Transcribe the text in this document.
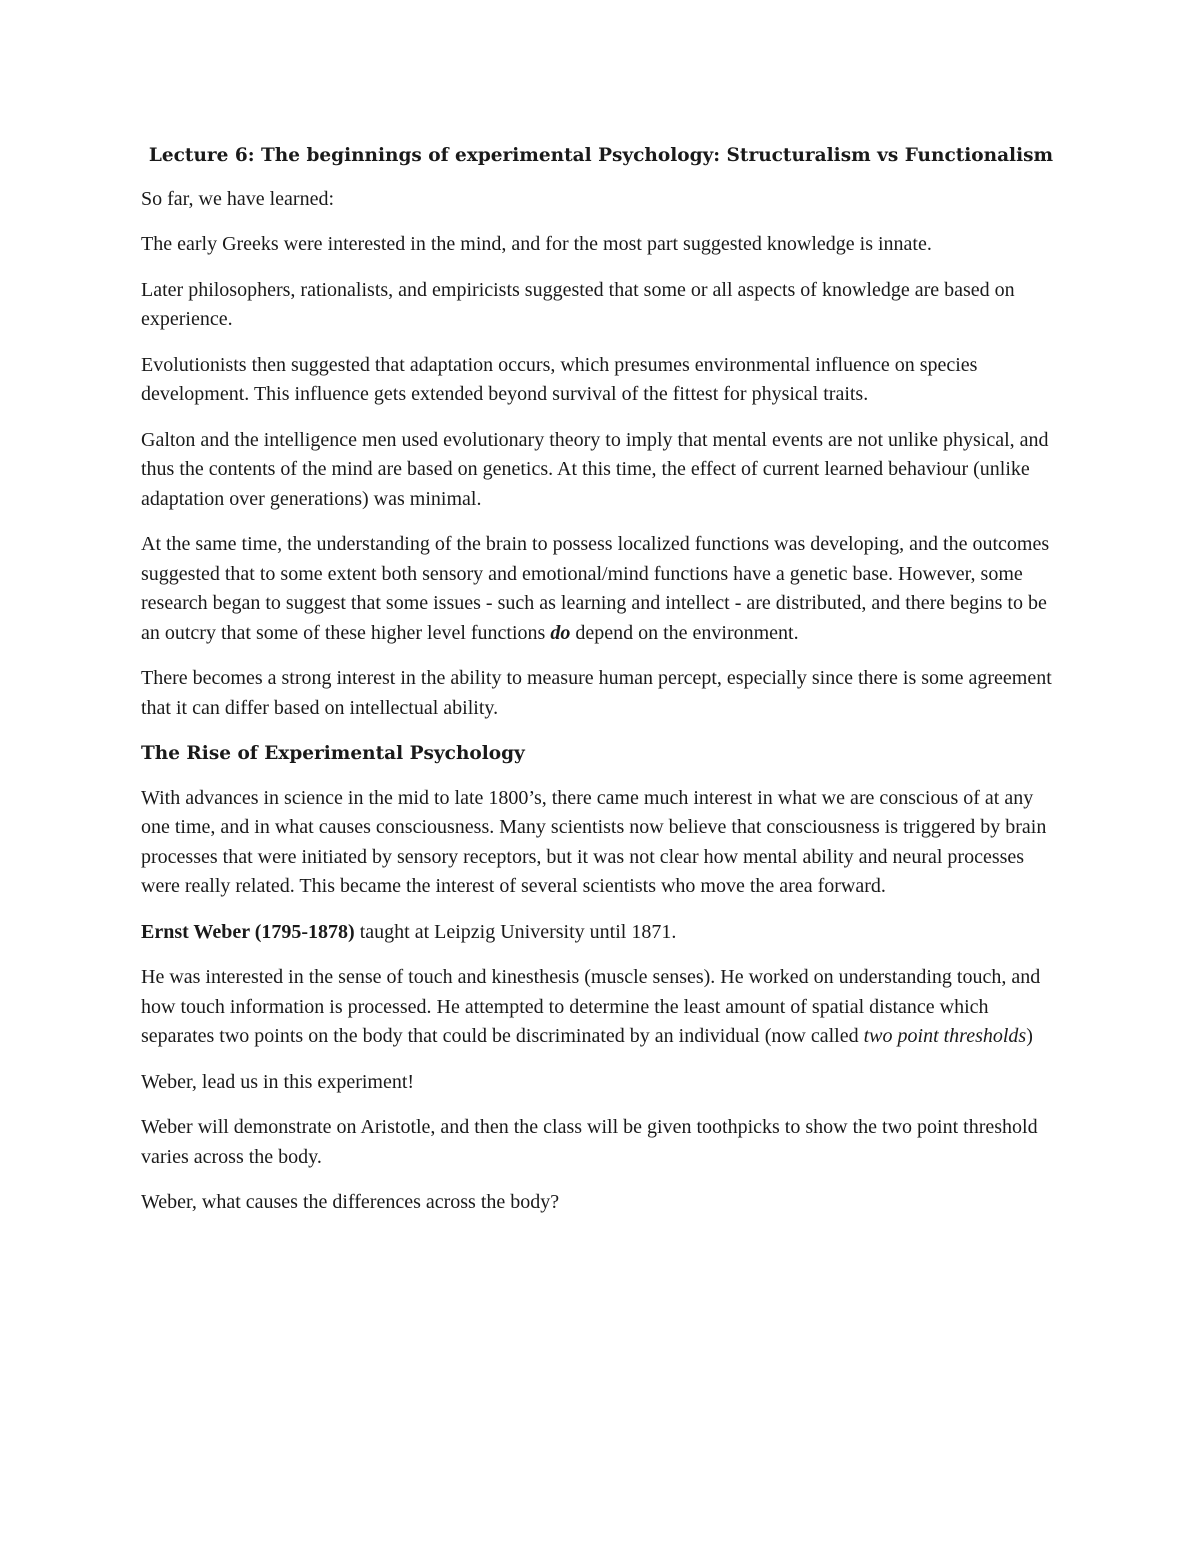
Lecture 6: The beginnings of experimental Psychology: Structuralism vs Functionalism

So far, we have learned:

The early Greeks were interested in the mind, and for the most part suggested knowledge is innate.

Later philosophers, rationalists, and empiricists suggested that some or all aspects of knowledge are based on experience.

Evolutionists then suggested that adaptation occurs, which presumes environmental influence on species development. This influence gets extended beyond survival of the fittest for physical traits.

Galton and the intelligence men used evolutionary theory to imply that mental events are not unlike physical, and thus the contents of the mind are based on genetics. At this time, the effect of current learned behaviour (unlike adaptation over generations) was minimal.

At the same time, the understanding of the brain to possess localized functions was developing, and the outcomes suggested that to some extent both sensory and emotional/mind functions have a genetic base. However, some research began to suggest that some issues - such as learning and intellect - are distributed, and there begins to be an outcry that some of these higher level functions do depend on the environment.

There becomes a strong interest in the ability to measure human percept, especially since there is some agreement that it can differ based on intellectual ability.

The Rise of Experimental Psychology

With advances in science in the mid to late 1800’s, there came much interest in what we are conscious of at any one time, and in what causes consciousness. Many scientists now believe that consciousness is triggered by brain processes that were initiated by sensory receptors, but it was not clear how mental ability and neural processes were really related. This became the interest of several scientists who move the area forward.

Ernst Weber (1795-1878) taught at Leipzig University until 1871.

He was interested in the sense of touch and kinesthesis (muscle senses). He worked on understanding touch, and how touch information is processed. He attempted to determine the least amount of spatial distance which separates two points on the body that could be discriminated by an individual (now called two point thresholds)

Weber, lead us in this experiment!

Weber will demonstrate on Aristotle, and then the class will be given toothpicks to show the two point threshold varies across the body.

Weber, what causes the differences across the body?
